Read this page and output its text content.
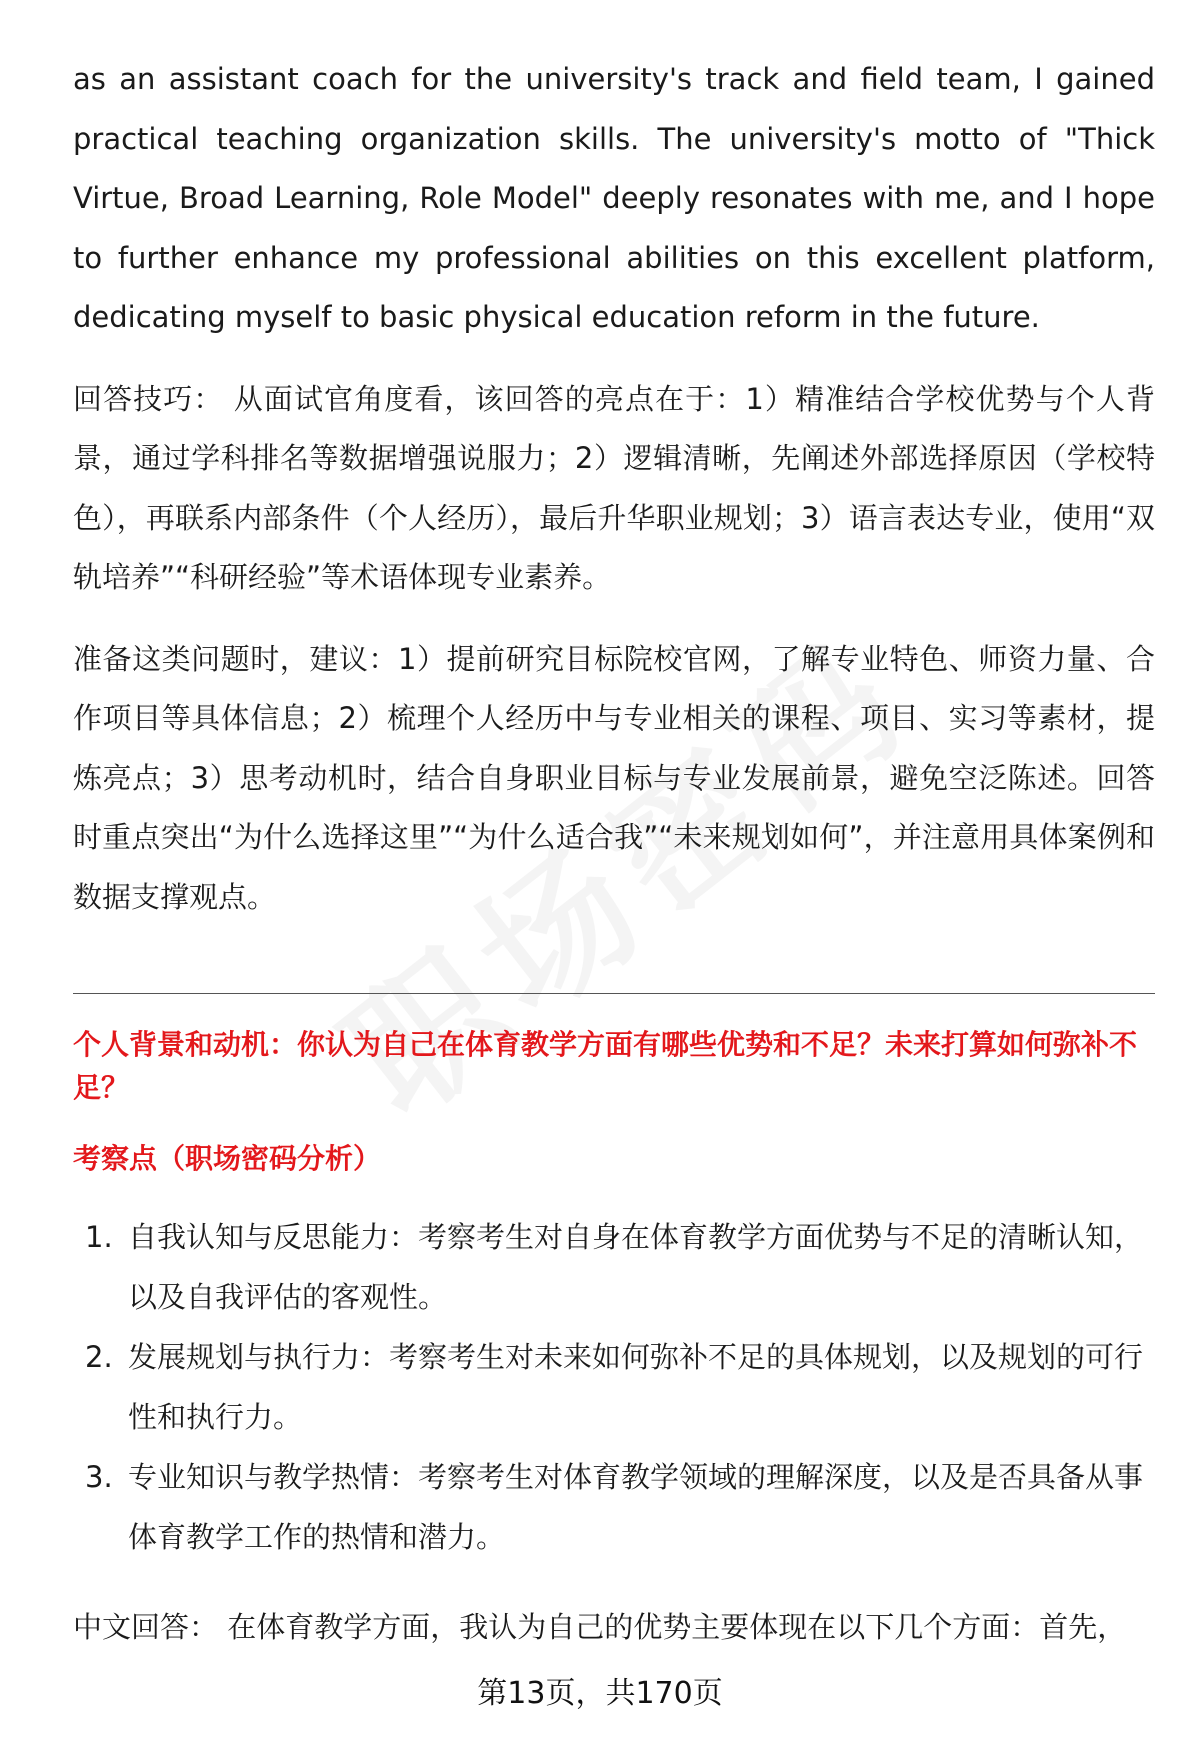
as an assistant coach for the university's track and field team, I gained practical teaching organization skills. The university's motto of "Thick Virtue, Broad Learning, Role Model" deeply resonates with me, and I hope to further enhance my professional abilities on this excellent platform, dedicating myself to basic physical education reform in the future.

回答技巧： 从面试官角度看，该回答的亮点在于：1）精准结合学校优势与个人背景，通过学科排名等数据增强说服力；2）逻辑清晰，先阐述外部选择原因（学校特色），再联系内部条件（个人经历），最后升华职业规划；3）语言表达专业，使用“双轨培养”“科研经验”等术语体现专业素养。

准备这类问题时，建议：1）提前研究目标院校官网，了解专业特色、师资力量、合作项目等具体信息；2）梳理个人经历中与专业相关的课程、项目、实习等素材，提炼亮点；3）思考动机时，结合自身职业目标与专业发展前景，避免空泛陈述。回答时重点突出“为什么选择这里”“为什么适合我”“未来规划如何”，并注意用具体案例和数据支撑观点。

个人背景和动机：你认为自己在体育教学方面有哪些优势和不足？未来打算如何弥补不足？
考察点（职场密码分析）
1. 自我认知与反思能力：考察考生对自身在体育教学方面优势与不足的清晰认知，以及自我评估的客观性。
2. 发展规划与执行力：考察考生对未来如何弥补不足的具体规划，以及规划的可行性和执行力。
3. 专业知识与教学热情：考察考生对体育教学领域的理解深度，以及是否具备从事体育教学工作的热情和潜力。

中文回答： 在体育教学方面，我认为自己的优势主要体现在以下几个方面：首先，

第13页，共170页
